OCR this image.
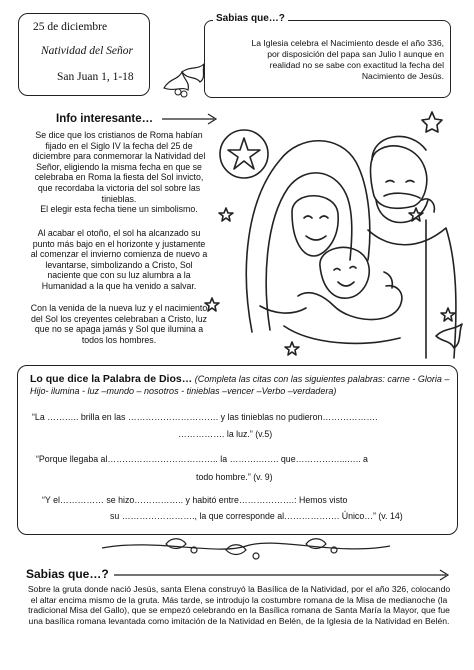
25 de diciembre
Natividad del Señor
San Juan 1, 1-18
Sabias que…?
La Iglesia celebra el Nacimiento desde el año 336,
por disposición del papa san Julio I aunque en
realidad no se sabe con exactitud la fecha del
Nacimiento de Jesús.
Info interesante…
Se dice que los cristianos de Roma habían
fijado en el Siglo IV la fecha del 25 de
diciembre para conmemorar la Natividad del
Señor, eligiendo la misma fecha en que se
celebraba en Roma la fiesta del Sol invicto,
que recordaba la victoria del sol sobre las
tinieblas.
El elegir esta fecha tiene un simbolismo.
Al acabar el otoño, el sol ha alcanzado su
punto más bajo en el horizonte y justamente
al comenzar el invierno comienza de nuevo a
levantarse, simbolizando a Cristo, Sol
naciente que con su luz alumbra a la
Humanidad a la que ha venido a salvar.
Con la venida de la nueva luz y el nacimiento
del Sol los creyentes celebraban a Cristo, luz
que no se apaga jamás y Sol que ilumina a
todos los hombres.
Lo que dice la Palabra de Dios… (Completa las citas con las siguientes palabras: carne - Gloria – Hijo- ilumina - luz –mundo – nosotros - tinieblas –vencer –Verbo –verdadera)
“La ……….. brilla en las …………………………. y las tinieblas no pudieron……………….
……………. la luz.” (v.5)
“Porque llegaba al……………………………….. la ……….……. que……………...….. a
todo hombre.” (v. 9)
“Y el…………… se hizo…………….. y habitó entre……………….: Hemos visto
su ……………………., la que corresponde al………………. Único…” (v. 14)
Sabias que…?
Sobre la gruta donde nació Jesús, santa Elena construyó la Basílica de la Natividad, por el año 326, colocando el altar encima mismo de la gruta. Más tarde, se introdujo la costumbre romana de la Misa de medianoche (la tradicional Misa del Gallo), que se empezó celebrando en la Basílica romana de Santa María la Mayor, que fue una basílica romana levantada como imitación de la Natividad en Belén, de la Iglesia de la Natividad en Belén.
